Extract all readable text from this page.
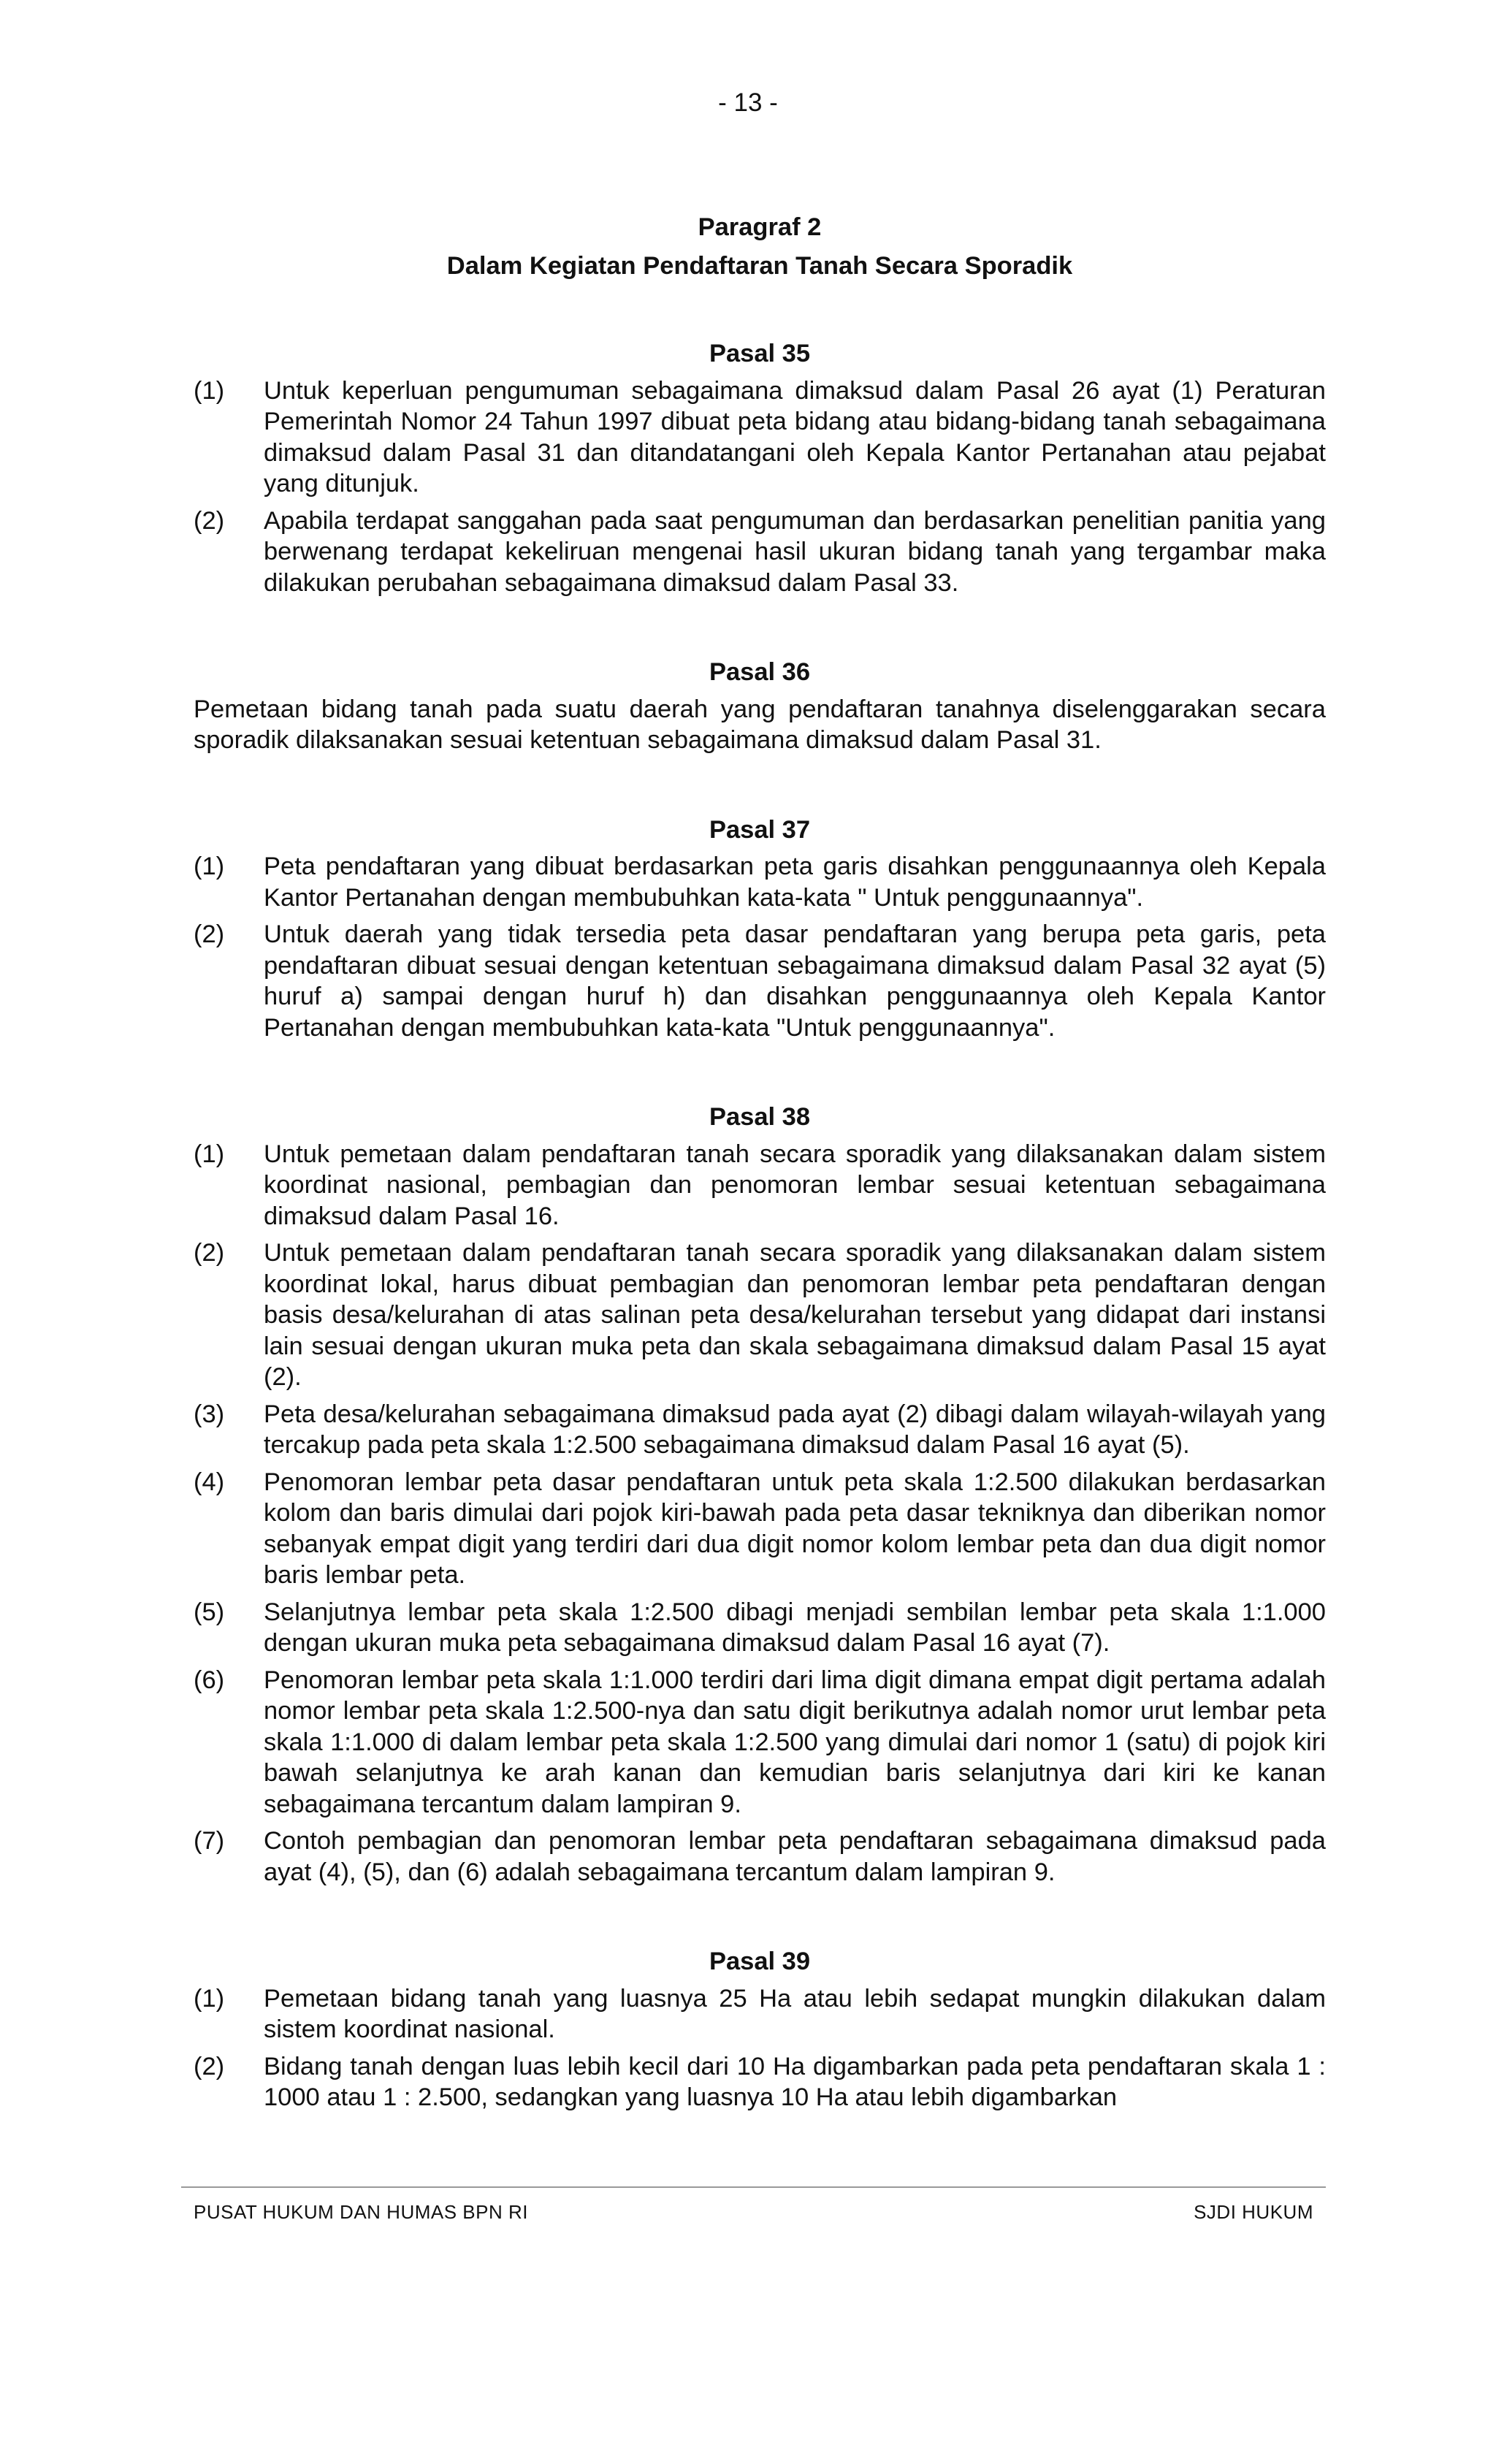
- 13 -
Paragraf 2
Dalam Kegiatan Pendaftaran Tanah Secara Sporadik
Pasal 35
(1)	Untuk keperluan pengumuman sebagaimana dimaksud dalam Pasal 26 ayat (1) Peraturan Pemerintah Nomor 24 Tahun 1997 dibuat peta bidang atau bidang-bidang tanah sebagaimana dimaksud dalam Pasal 31 dan ditandatangani oleh Kepala Kantor Pertanahan atau pejabat yang ditunjuk.
(2)	Apabila terdapat sanggahan pada saat pengumuman dan berdasarkan penelitian panitia yang berwenang terdapat kekeliruan mengenai hasil ukuran bidang tanah yang tergambar maka dilakukan perubahan sebagaimana dimaksud dalam Pasal 33.
Pasal 36
Pemetaan bidang tanah pada suatu daerah yang pendaftaran tanahnya diselenggarakan secara sporadik dilaksanakan sesuai ketentuan sebagaimana dimaksud dalam Pasal 31.
Pasal 37
(1)	Peta pendaftaran yang dibuat berdasarkan peta garis disahkan penggunaannya oleh Kepala Kantor Pertanahan dengan membubuhkan kata-kata " Untuk penggunaannya".
(2)	Untuk daerah yang tidak tersedia peta dasar pendaftaran yang berupa peta garis, peta pendaftaran dibuat sesuai dengan ketentuan sebagaimana dimaksud dalam Pasal 32 ayat (5) huruf a) sampai dengan huruf h) dan disahkan penggunaannya oleh Kepala Kantor Pertanahan dengan membubuhkan kata-kata "Untuk penggunaannya".
Pasal 38
(1)	Untuk pemetaan dalam pendaftaran tanah secara sporadik yang dilaksanakan dalam sistem koordinat nasional, pembagian dan penomoran lembar sesuai ketentuan sebagaimana dimaksud dalam Pasal 16.
(2)	Untuk pemetaan dalam pendaftaran tanah secara sporadik yang dilaksanakan dalam sistem koordinat lokal, harus dibuat pembagian dan penomoran lembar peta pendaftaran dengan basis desa/kelurahan di atas salinan peta desa/kelurahan tersebut yang didapat dari instansi lain sesuai dengan ukuran muka peta dan skala sebagaimana dimaksud dalam Pasal 15 ayat (2).
(3)	Peta desa/kelurahan sebagaimana dimaksud pada ayat (2) dibagi dalam wilayah-wilayah yang tercakup pada peta skala 1:2.500 sebagaimana dimaksud dalam Pasal 16 ayat (5).
(4)	Penomoran lembar peta dasar pendaftaran untuk peta skala 1:2.500 dilakukan berdasarkan kolom dan baris dimulai dari pojok kiri-bawah pada peta dasar tekniknya dan diberikan nomor sebanyak empat digit yang terdiri dari dua digit nomor kolom lembar peta dan dua digit nomor baris lembar peta.
(5)	Selanjutnya lembar peta skala 1:2.500 dibagi menjadi sembilan lembar peta skala 1:1.000 dengan ukuran muka peta sebagaimana dimaksud dalam Pasal 16 ayat (7).
(6)	Penomoran lembar peta skala 1:1.000 terdiri dari lima digit dimana empat digit pertama adalah nomor lembar peta skala 1:2.500-nya dan satu digit berikutnya adalah nomor urut lembar peta skala 1:1.000 di dalam lembar peta skala 1:2.500 yang dimulai dari nomor 1 (satu) di pojok kiri bawah selanjutnya ke arah kanan dan kemudian baris selanjutnya dari kiri ke kanan sebagaimana tercantum dalam lampiran 9.
(7)	Contoh pembagian dan penomoran lembar peta pendaftaran sebagaimana dimaksud pada ayat (4), (5), dan (6) adalah sebagaimana tercantum dalam lampiran 9.
Pasal 39
(1)	Pemetaan bidang tanah yang luasnya 25 Ha atau lebih sedapat mungkin dilakukan dalam sistem koordinat nasional.
(2)	Bidang tanah dengan luas lebih kecil dari 10 Ha digambarkan pada peta pendaftaran skala 1 : 1000 atau 1 : 2.500, sedangkan yang luasnya 10 Ha atau lebih digambarkan
PUSAT HUKUM DAN HUMAS BPN RI	SJDI HUKUM
